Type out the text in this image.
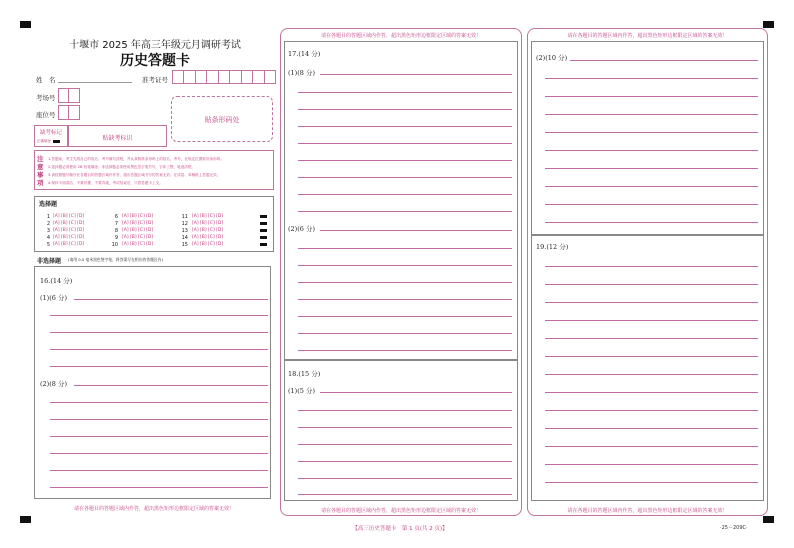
十堰市 2025 年高三年级元月调研考试
历史答题卡
姓　名	准考证号
考场号
座位号
贴条形码处
缺考标记
正确填涂	贴缺考标识
注意事项
1.答题前，考生先将自己的姓名、考号填写清楚，并认真核准条形码上的姓名、考号，在规定位置贴好条形码。
2.选择题必须使用 2B 铅笔填涂；非选择题必须使用黑色签字笔书写，字体工整、笔迹清楚。
3.请按照题号顺序在各题目的答题区域内作答，超出答题区域书写的答案无效；在试卷、草稿纸上答题无效。
4.保持卡面清洁，不要折叠、不要弄破，考试结束后，只将答题卡上交。
选择题
1 [A] [B] [C] [D]
2 [A] [B] [C] [D]
3 [A] [B] [C] [D]
4 [A] [B] [C] [D]
5 [A] [B] [C] [D]
6 [A] [B] [C] [D]
7 [A] [B] [C] [D]
8 [A] [B] [C] [D]
9 [A] [B] [C] [D]
10 [A] [B] [C] [D]
11 [A] [B] [C] [D]
12 [A] [B] [C] [D]
13 [A] [B] [C] [D]
14 [A] [B] [C] [D]
15 [A] [B] [C] [D]
非选择题 (请用 0.5 毫米黑色签字笔，将答案写在相应的答题区内)
16.(14 分)
(1)(6 分)
(2)(8 分)
请在各题目的答题区域内作答，超出黑色矩形边框限定区域的答案无效！
请在各题目的答题区域内作答，超出黑色矩形边框限定区域的答案无效！
请在各题目的答题区域内作答，超出黑色矩形边框限定区域的答案无效！
17.(14 分)
(1)(8 分)
(2)(6 分)
18.(15 分)
(1)(5 分)
请在各题目的答题区域内作答，超出黑色矩形边框限定区域的答案无效！
请在各题目的答题区域内作答，超出黑色矩形边框限定区域的答案无效！
(2)(10 分)
19.(12 分)
【高三历史答题卡　第 1 页(共 2 页)】	·25－209C·
